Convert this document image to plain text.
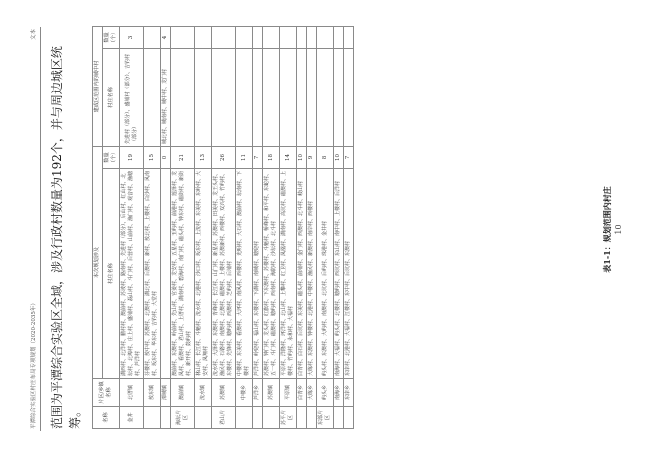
平潭综合实验区村庄布局专项规划（2020-2035年）
文本
范围为平潭综合实验区全域，涉及行政村数量为192个，并与周边城区统筹。	名称	片区/乡镇名称	本次规划涉及		建成区范围内的城中村	
		村庄名称	数量（个）	村庄名称	数量（个）
金井	北厝镇	湖西村、北洋村、鹏村村、澳前村、苏坡村、路南村、先进村（部分）、后山村、红山村、北坛村、北埠村、庄上村、盛埔村、磊山村、斗门村、后营村、山前村、渔门村、观音村、渔塘村、芦洋村	19	先进村（部分）、盛埔村（部分）、吉钓村（部分）	3
	敖东镇	芬楼村、敖中村、苏澳村、北澳村、湖北村、后澳村、新村、敖北村、上楼村、白沙村、风南村、坂东村、华东村、吉钓村、大堂村	15		
	潭城镇		0	城北村、城南村、城中村、龙门村	4
海坛片区	澳前镇	澳前村、东澳村、岭前村、先山村、官姜村、龙安村、五星村、玉屿村、前港村、莲泽村、龙凤村、看澳村、君山村、上厝村、湖南村、碧海村、南门村、磁头村、钟东村、磁街村、新街村、新开村、鼓屿村	21		
	流水镇	林山村、长江村、斗魁村、流水村、北港村、沙口村、坂东村、上流村、东美村、东岭村、大安村、凤翔村	13		
君山片	苏澳镇	流水村、大泽村、东澳村、青峰村、长江村、山门村、新星村、苏澳村、田美村、龙王头村、渔民村、石磐村、南澳村、北澳村、磁澳村、上楼村、苏澳新村、西楼村、双兴村、竹屿村、东楼村、先锋村、塘屿村、西澳村、芝屿村、后埔村	26		
	中楼乡	中楼村、东美村、看澳村、大坪村、南风村、西楼村、光明村、大石村、澳前村、坛南村、下楼村	11		
	芦洋乡	芦洋村、岭兜村、福山村、东楼村、下湖村、南城村、塘兜村	7		
	苏澳镇	苏澳村、钟门村、龙头村、红旗村、下东澳村、苏楼村、斗魁村、桥峰村、和平村、东蛇村、五一村、斗门村、磁澳村、塘屿村、西南村、海防村、沙坛村、北斗村	18		
苏平片区	平原镇	平原村、洋隆村、坪洋村、北山村、上攀村、红卫村、凤凰村、湖南村、高坑村、磁澳村、上楼村、竹屿村、永和村、大福村	14		
	白青乡	白青村、白石村、后坑村、东美村、磁头村、前埔村、金门村、西澳村、北斗村、岐山村	10		
	大练乡	大练村、东澳村、钟楼村、北港村、中楼村、渔民村、新澳村、南岸村、西楼村	9		
东部片区	屿头乡	屿头村、东澳村、大屿村、南澳村、北坑村、后屿村、珠港村、金井村	8		
	南海乡	南海村、大福村、屿头村、北楼村、塘屿村、西坑村、东山村、南中村、上楼村、后洋村	10		
	东庠乡	东庠村、北港村、大福村、江楼村、东中村、后坑村、东澳村	7		
表1-1：规划范围内村庄 10
